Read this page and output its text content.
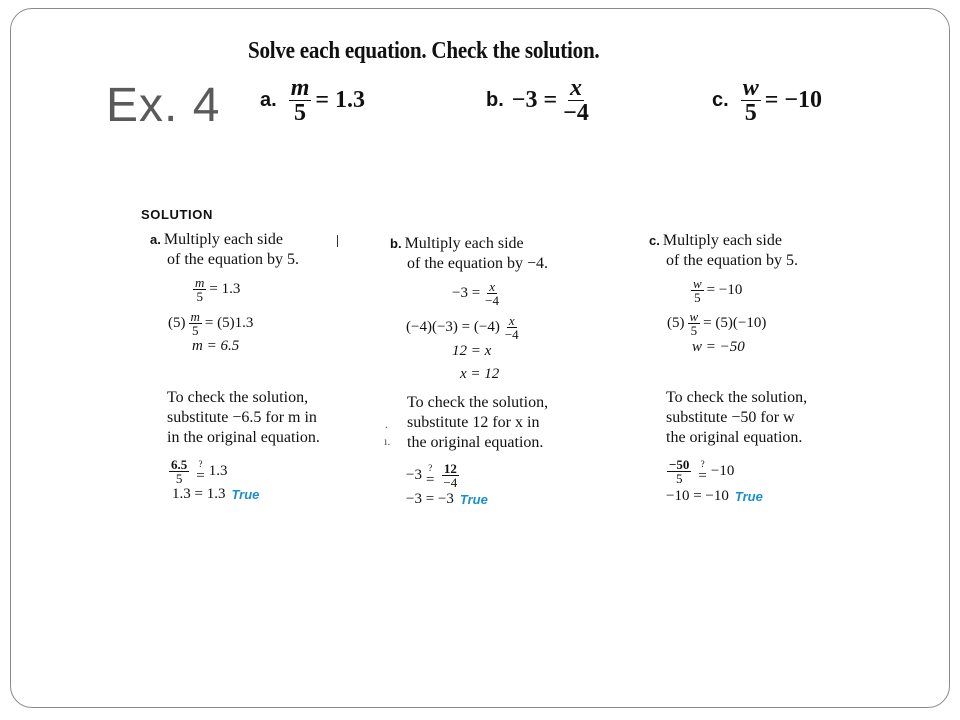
Ex. 4
Solve each equation. Check the solution.
a. $\frac{m}{5} = 1.3$	b. $-3 = \frac{x}{-4}$	c. $\frac{w}{5} = -10$
SOLUTION
a. Multiply each side
of the equation by 5.
$\frac{m}{5} = 1.3$
$(5) \frac{m}{5} = (5)1.3$
m = 6.5
To check the solution,
substitute −6.5 for m in
in the original equation.
$\frac{6.5}{5}$ ?
= 1.3
1.3 = 1.3 True
b. Multiply each side
of the equation by −4.
$-3 = \frac{x}{-4}$
$(-4)(-3) = (-4) \frac{x}{-4}$
12 = x
x = 12
To check the solution,
substitute 12 for x in
the original equation.
.
ı.
−3 ?
= $\frac{12}{-4}$
−3 = −3 True
c. Multiply each side
of the equation by 5.
$\frac{w}{5} = -10$
$(5) \frac{w}{5} = (5)(-10)$
w = −50
To check the solution,
substitute −50 for w
the original equation.
$\frac{-50}{5}$ ?
= −10
−10 = −10 True
